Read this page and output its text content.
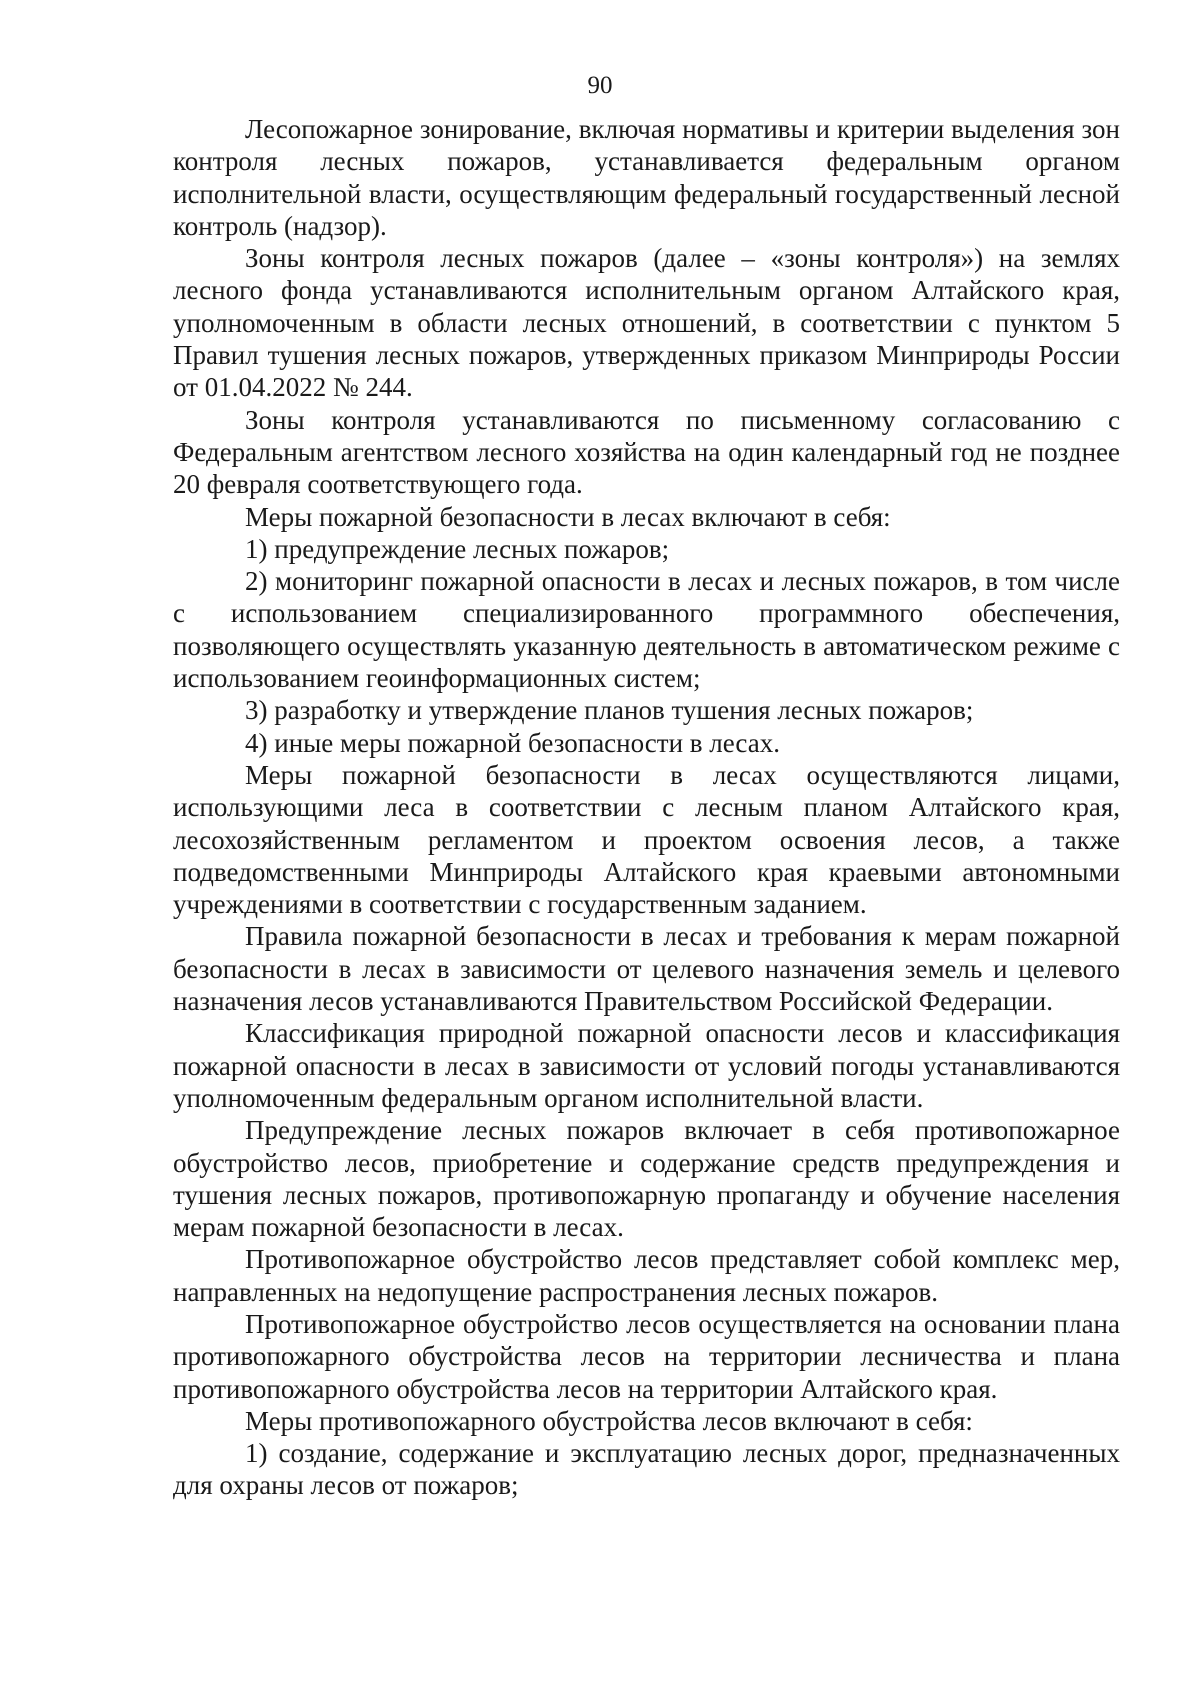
90

Лесопожарное зонирование, включая нормативы и критерии выделения зон контроля лесных пожаров, устанавливается федеральным органом исполнительной власти, осуществляющим федеральный государственный лесной контроль (надзор).

Зоны контроля лесных пожаров (далее – «зоны контроля») на землях лесного фонда устанавливаются исполнительным органом Алтайского края, уполномоченным в области лесных отношений, в соответствии с пунктом 5 Правил тушения лесных пожаров, утвержденных приказом Минприроды России от 01.04.2022 № 244.

Зоны контроля устанавливаются по письменному согласованию с Федеральным агентством лесного хозяйства на один календарный год не позднее 20 февраля соответствующего года.

Меры пожарной безопасности в лесах включают в себя:

1) предупреждение лесных пожаров;

2) мониторинг пожарной опасности в лесах и лесных пожаров, в том числе с использованием специализированного программного обеспечения, позволяющего осуществлять указанную деятельность в автоматическом режиме с использованием геоинформационных систем;

3) разработку и утверждение планов тушения лесных пожаров;

4) иные меры пожарной безопасности в лесах.

Меры пожарной безопасности в лесах осуществляются лицами, использующими леса в соответствии с лесным планом Алтайского края, лесохозяйственным регламентом и проектом освоения лесов, а также подведомственными Минприроды Алтайского края краевыми автономными учреждениями в соответствии с государственным заданием.

Правила пожарной безопасности в лесах и требования к мерам пожарной безопасности в лесах в зависимости от целевого назначения земель и целевого назначения лесов устанавливаются Правительством Российской Федерации.

Классификация природной пожарной опасности лесов и классификация пожарной опасности в лесах в зависимости от условий погоды устанавливаются уполномоченным федеральным органом исполнительной власти.

Предупреждение лесных пожаров включает в себя противопожарное обустройство лесов, приобретение и содержание средств предупреждения и тушения лесных пожаров, противопожарную пропаганду и обучение населения мерам пожарной безопасности в лесах.

Противопожарное обустройство лесов представляет собой комплекс мер, направленных на недопущение распространения лесных пожаров.

Противопожарное обустройство лесов осуществляется на основании плана противопожарного обустройства лесов на территории лесничества и плана противопожарного обустройства лесов на территории Алтайского края.

Меры противопожарного обустройства лесов включают в себя:

1) создание, содержание и эксплуатацию лесных дорог, предназначенных для охраны лесов от пожаров;
